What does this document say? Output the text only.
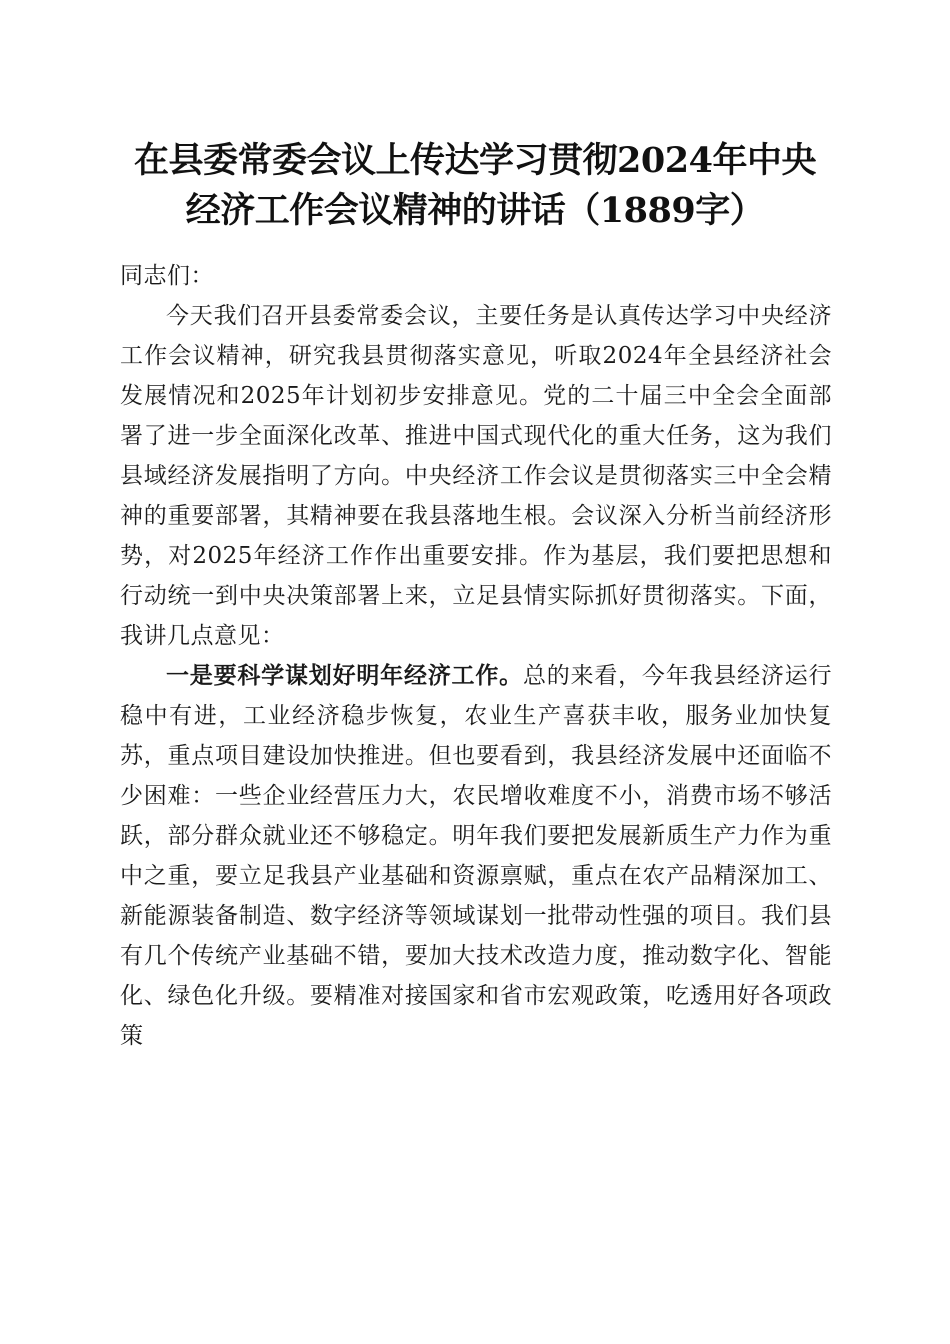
在县委常委会议上传达学习贯彻2024年中央
经济工作会议精神的讲话（1889字）

同志们：

今天我们召开县委常委会议，主要任务是认真传达学习中央经济工作会议精神，研究我县贯彻落实意见，听取2024年全县经济社会发展情况和2025年计划初步安排意见。党的二十届三中全会全面部署了进一步全面深化改革、推进中国式现代化的重大任务，这为我们县域经济发展指明了方向。中央经济工作会议是贯彻落实三中全会精神的重要部署，其精神要在我县落地生根。会议深入分析当前经济形势，对2025年经济工作作出重要安排。作为基层，我们要把思想和行动统一到中央决策部署上来，立足县情实际抓好贯彻落实。下面，我讲几点意见：

一是要科学谋划好明年经济工作。总的来看，今年我县经济运行稳中有进，工业经济稳步恢复，农业生产喜获丰收，服务业加快复苏，重点项目建设加快推进。但也要看到，我县经济发展中还面临不少困难：一些企业经营压力大，农民增收难度不小，消费市场不够活跃，部分群众就业还不够稳定。明年我们要把发展新质生产力作为重中之重，要立足我县产业基础和资源禀赋，重点在农产品精深加工、新能源装备制造、数字经济等领域谋划一批带动性强的项目。我们县有几个传统产业基础不错，要加大技术改造力度，推动数字化、智能化、绿色化升级。要精准对接国家和省市宏观政策，吃透用好各项政策
